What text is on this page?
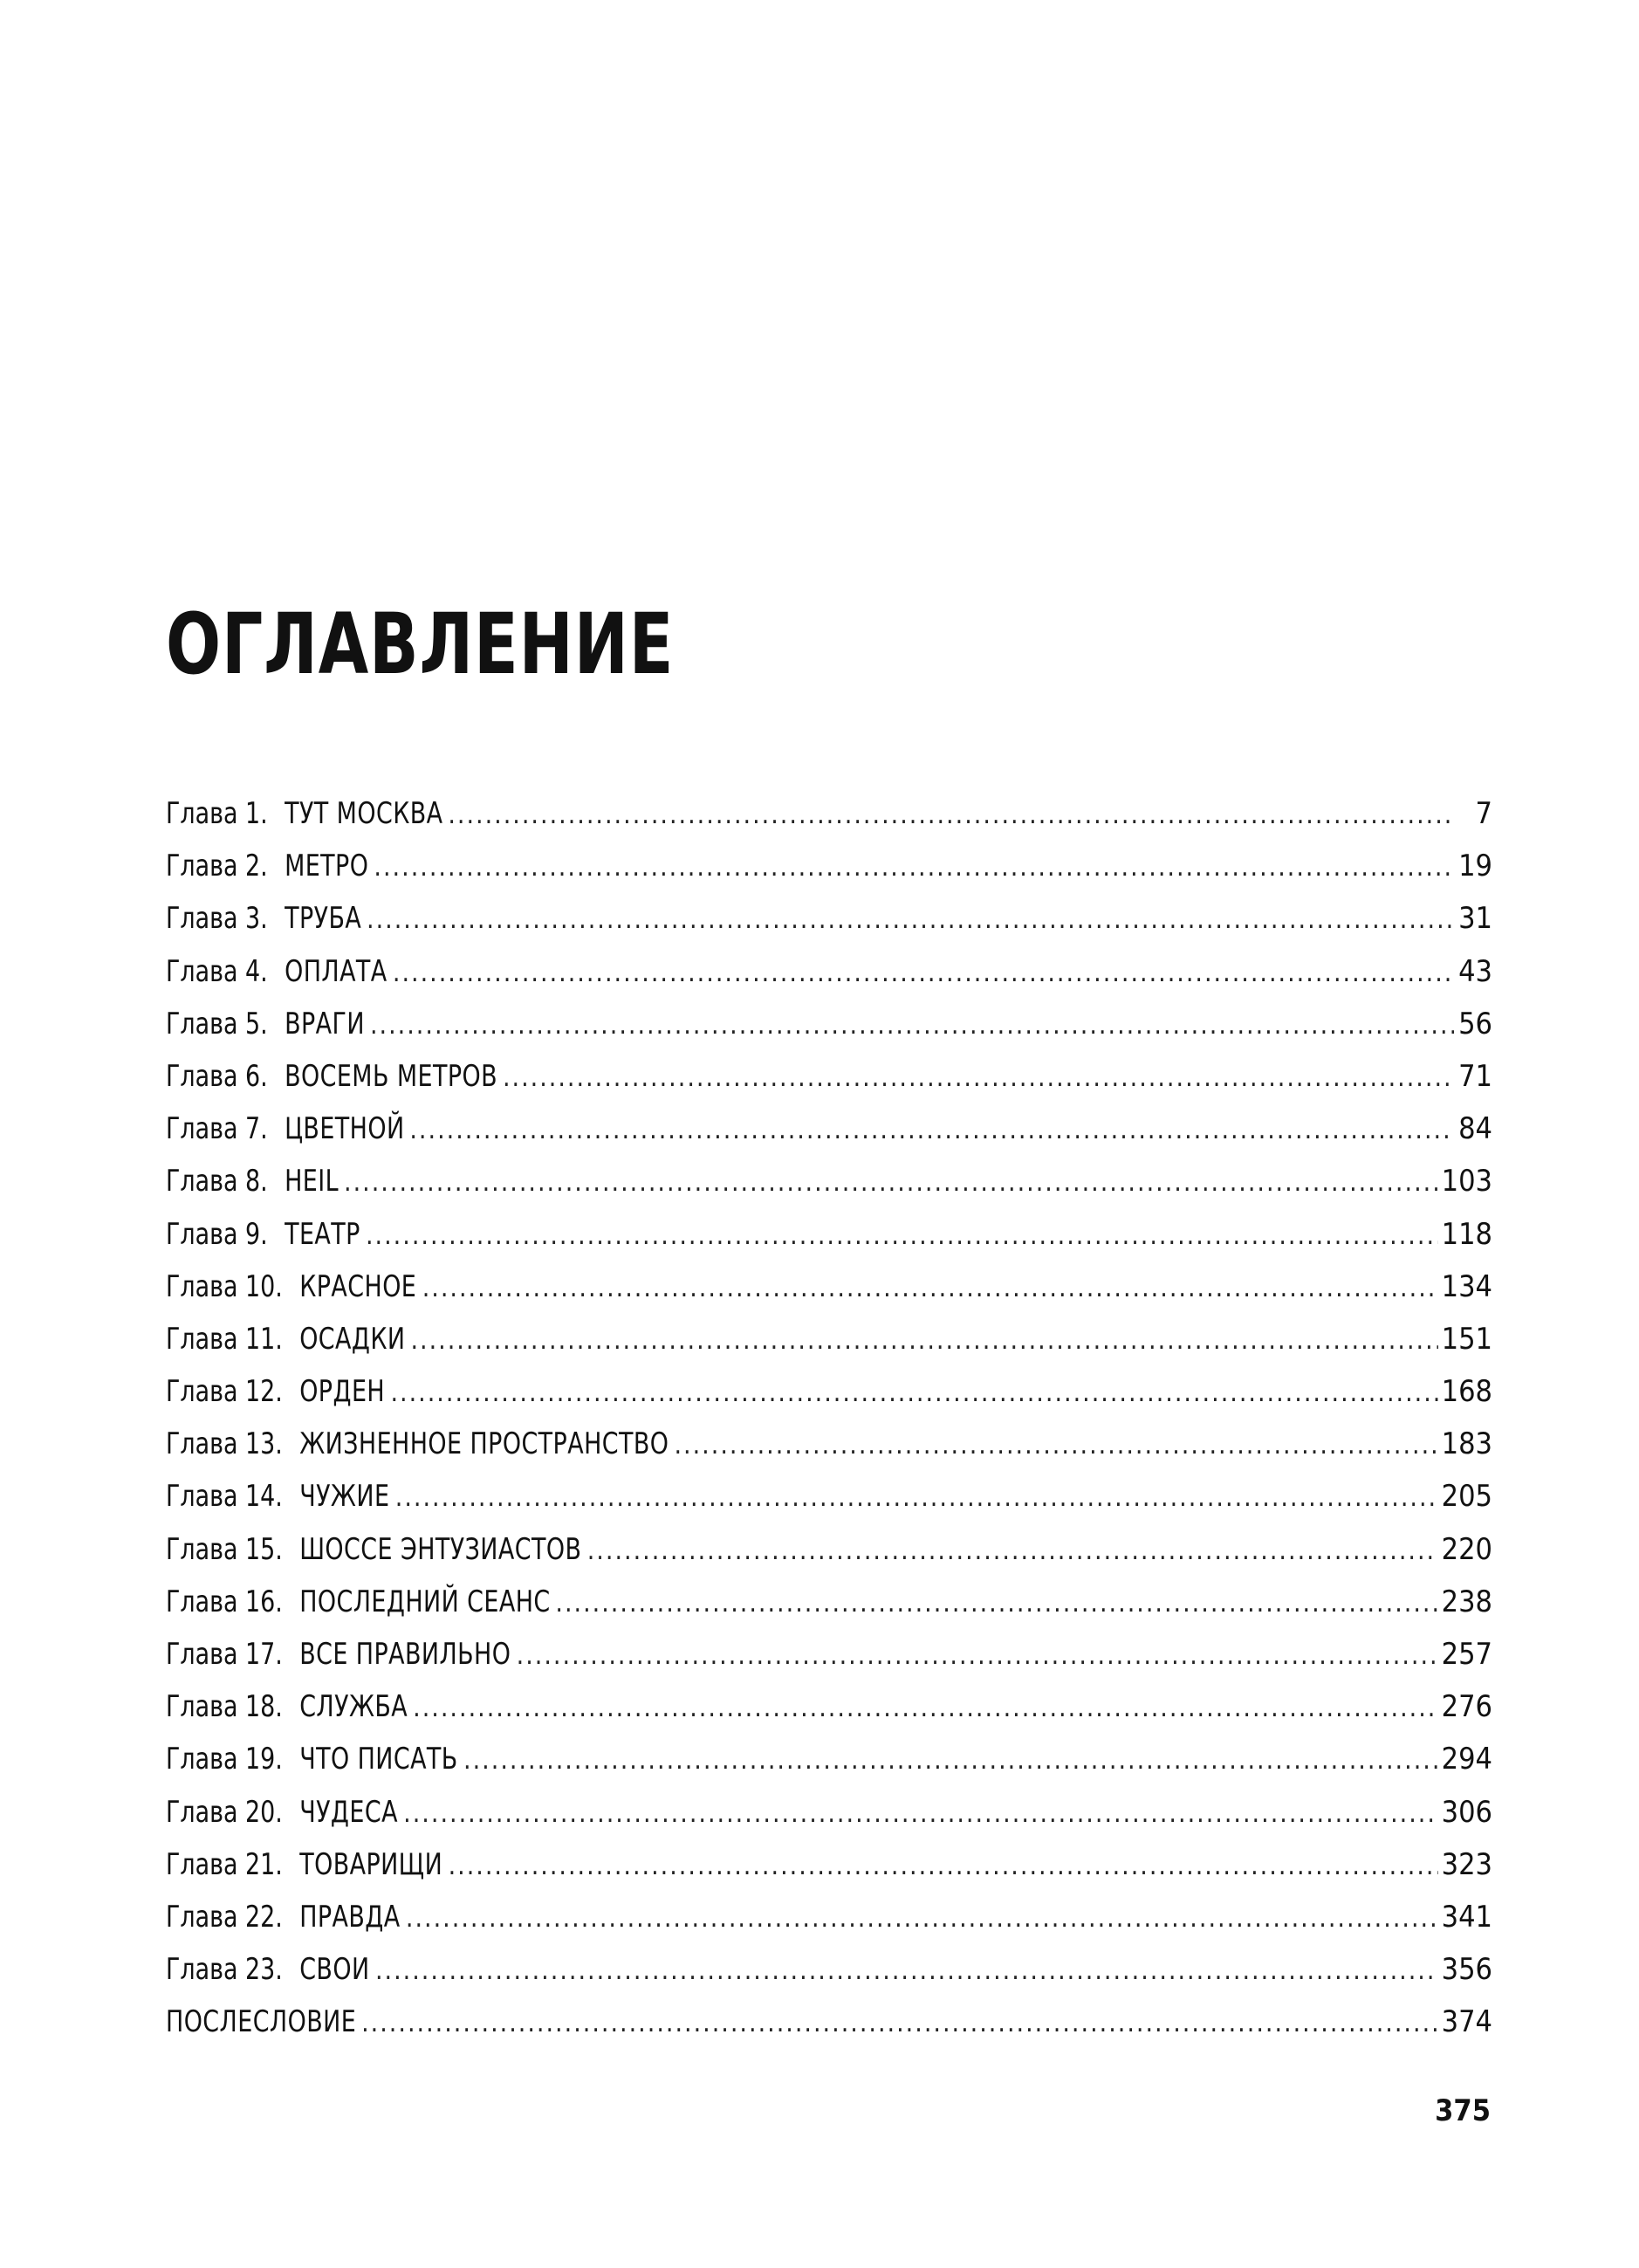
ОГЛАВЛЕНИЕ
Глава 1. ТУТ МОСКВА .....	7
Глава 2. МЕТРО .....	19
Глава 3. ТРУБА .....	31
Глава 4. ОПЛАТА .....	43
Глава 5. ВРАГИ .....	56
Глава 6. ВОСЕМЬ МЕТРОВ .....	71
Глава 7. ЦВЕТНОЙ .....	84
Глава 8. HEIL .....	103
Глава 9. ТЕАТР .....	118
Глава 10. КРАСНОЕ .....	134
Глава 11. ОСАДКИ .....	151
Глава 12. ОРДЕН .....	168
Глава 13. ЖИЗНЕННОЕ ПРОСТРАНСТВО .....	183
Глава 14. ЧУЖИЕ .....	205
Глава 15. ШОССЕ ЭНТУЗИАСТОВ .....	220
Глава 16. ПОСЛЕДНИЙ СЕАНС .....	238
Глава 17. ВСЕ ПРАВИЛЬНО .....	257
Глава 18. СЛУЖБА .....	276
Глава 19. ЧТО ПИСАТЬ .....	294
Глава 20. ЧУДЕСА .....	306
Глава 21. ТОВАРИЩИ .....	323
Глава 22. ПРАВДА .....	341
Глава 23. СВОИ .....	356
ПОСЛЕСЛОВИЕ .....	374

375
